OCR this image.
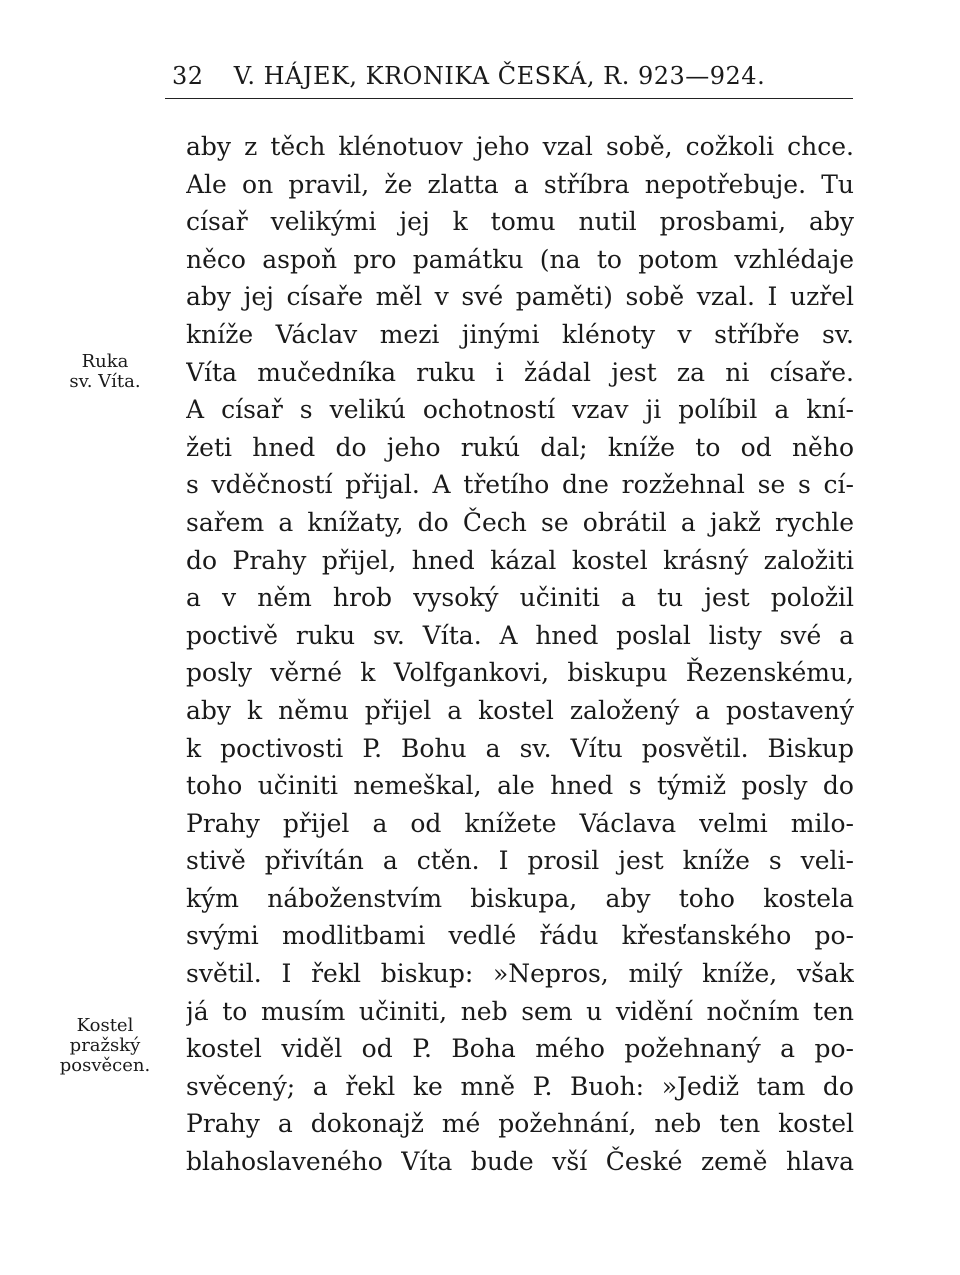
32 V. HÁJEK, KRONIKA ČESKÁ, R. 923—924.
Ruka
sv. Víta.
Kostel
pražský
posvěcen.
aby z těch klénotuov jeho vzal sobě, cožkoli chce.
Ale on pravil, že zlatta a stříbra nepotřebuje. Tu
císař velikými jej k tomu nutil prosbami, aby
něco aspoň pro památku (na to potom vzhlédaje
aby jej císaře měl v své paměti) sobě vzal. I uzřel
kníže Václav mezi jinými klénoty v stříbře sv.
Víta mučedníka ruku i žádal jest za ni císaře.
A císař s velikú ochotností vzav ji políbil a kní-
žeti hned do jeho rukú dal; kníže to od něho
s vděčností přijal. A třetího dne rozžehnal se s cí-
sařem a knížaty, do Čech se obrátil a jakž rychle
do Prahy přijel, hned kázal kostel krásný založiti
a v něm hrob vysoký učiniti a tu jest položil
poctivě ruku sv. Víta. A hned poslal listy své a
posly věrné k Volfgankovi, biskupu Řezenskému,
aby k němu přijel a kostel založený a postavený
k poctivosti P. Bohu a sv. Vítu posvětil. Biskup
toho učiniti nemeškal, ale hned s týmiž posly do
Prahy přijel a od knížete Václava velmi milo-
stivě přivítán a ctěn. I prosil jest kníže s veli-
kým náboženstvím biskupa, aby toho kostela
svými modlitbami vedlé řádu křesťanského po-
světil. I řekl biskup: »Nepros, milý kníže, však
já to musím učiniti, neb sem u vidění nočním ten
kostel viděl od P. Boha mého požehnaný a po-
svěcený; a řekl ke mně P. Buoh: »Jediž tam do
Prahy a dokonajž mé požehnání, neb ten kostel
blahoslaveného Víta bude vší České země hlava
